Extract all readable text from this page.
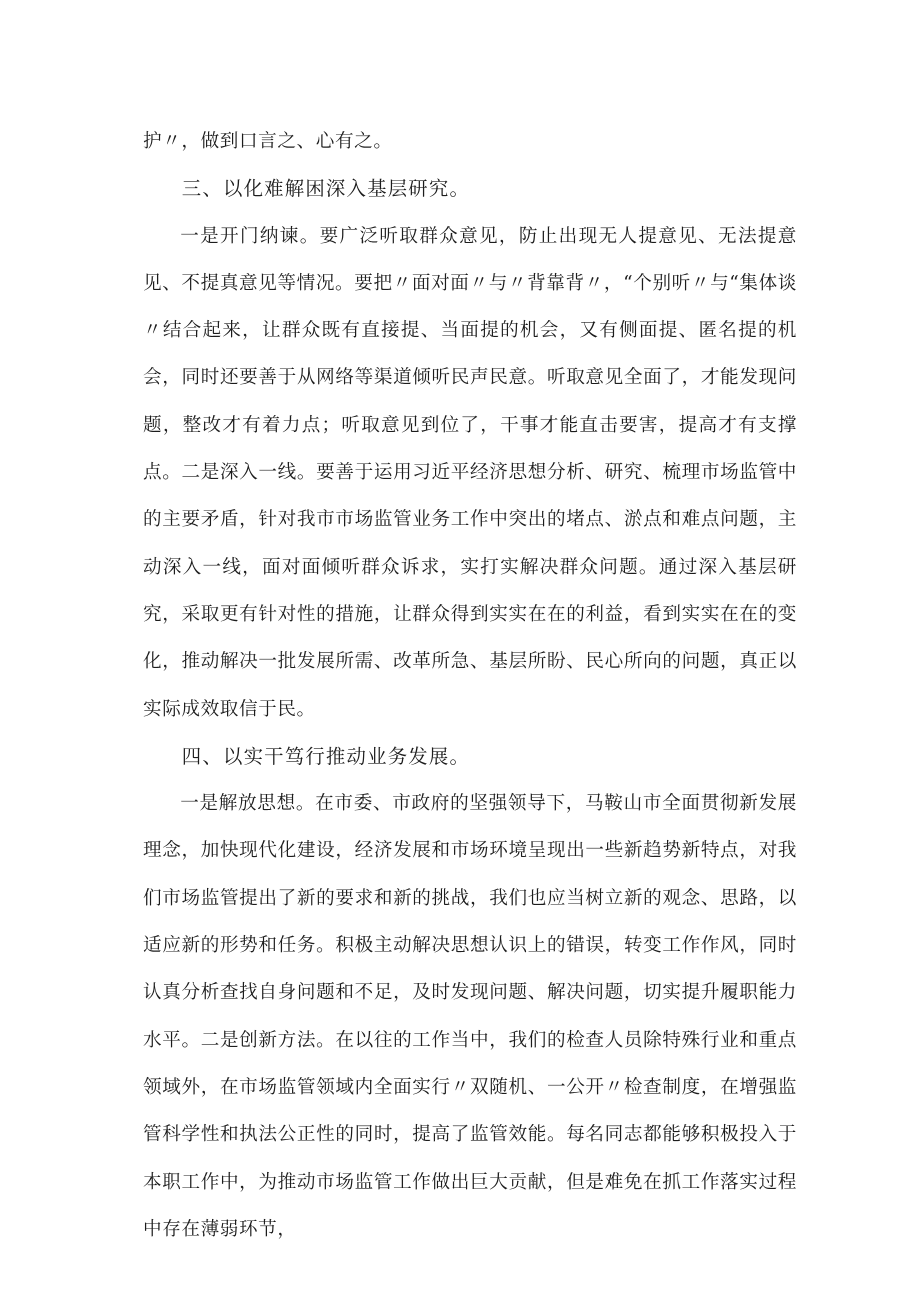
护〃，做到口言之、心有之。

三、以化难解困深入基层研究。

一是开门纳谏。要广泛听取群众意见，防止出现无人提意见、无法提意见、不提真意见等情况。要把〃面对面〃与〃背靠背〃，“个别听〃与“集体谈〃结合起来，让群众既有直接提、当面提的机会，又有侧面提、匿名提的机会，同时还要善于从网络等渠道倾听民声民意。听取意见全面了，才能发现问题，整改才有着力点；听取意见到位了，干事才能直击要害，提高才有支撑点。二是深入一线。要善于运用习近平经济思想分析、研究、梳理市场监管中的主要矛盾，针对我市市场监管业务工作中突出的堵点、淤点和难点问题，主动深入一线，面对面倾听群众诉求，实打实解决群众问题。通过深入基层研究，采取更有针对性的措施，让群众得到实实在在的利益，看到实实在在的变化，推动解决一批发展所需、改革所急、基层所盼、民心所向的问题，真正以实际成效取信于民。

四、以实干笃行推动业务发展。

一是解放思想。在市委、市政府的坚强领导下，马鞍山市全面贯彻新发展理念，加快现代化建设，经济发展和市场环境呈现出一些新趋势新特点，对我们市场监管提出了新的要求和新的挑战，我们也应当树立新的观念、思路，以适应新的形势和任务。积极主动解决思想认识上的错误，转变工作作风，同时认真分析查找自身问题和不足，及时发现问题、解决问题，切实提升履职能力水平。二是创新方法。在以往的工作当中，我们的检查人员除特殊行业和重点领域外，在市场监管领域内全面实行〃双随机、一公开〃检查制度，在增强监管科学性和执法公正性的同时，提高了监管效能。每名同志都能够积极投入于本职工作中，为推动市场监管工作做出巨大贡献，但是难免在抓工作落实过程中存在薄弱环节，
